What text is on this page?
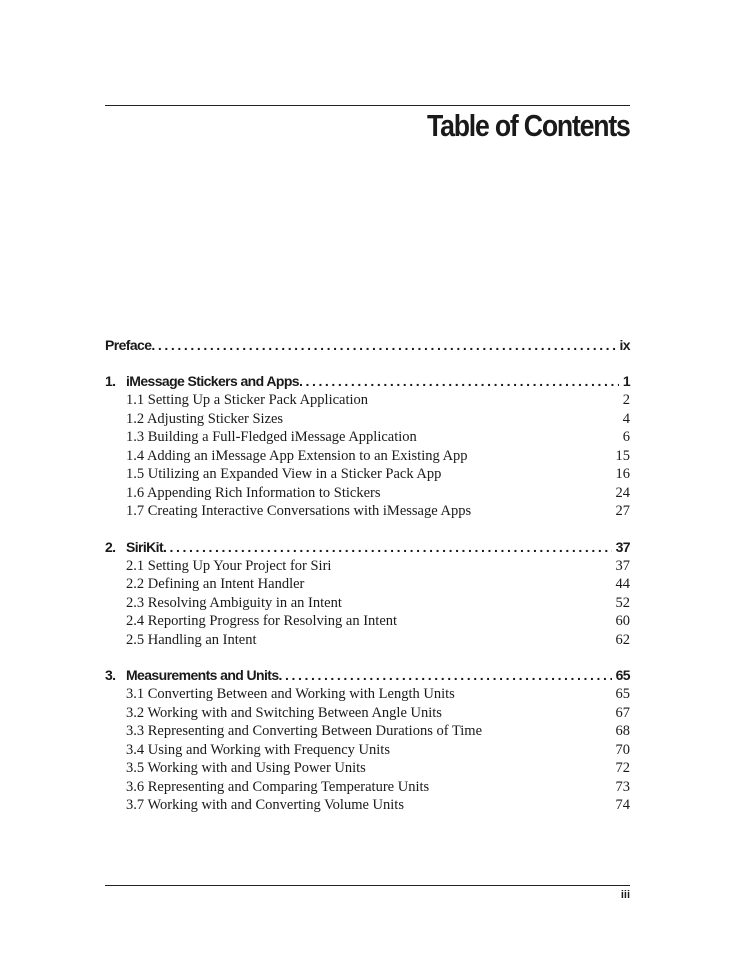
Table of Contents
Preface .....	ix
1. iMessage Stickers and Apps .....	1
1.1 Setting Up a Sticker Pack Application	2
1.2 Adjusting Sticker Sizes	4
1.3 Building a Full-Fledged iMessage Application	6
1.4 Adding an iMessage App Extension to an Existing App	15
1.5 Utilizing an Expanded View in a Sticker Pack App	16
1.6 Appending Rich Information to Stickers	24
1.7 Creating Interactive Conversations with iMessage Apps	27
2. SiriKit .....	37
2.1 Setting Up Your Project for Siri	37
2.2 Defining an Intent Handler	44
2.3 Resolving Ambiguity in an Intent	52
2.4 Reporting Progress for Resolving an Intent	60
2.5 Handling an Intent	62
3. Measurements and Units .....	65
3.1 Converting Between and Working with Length Units	65
3.2 Working with and Switching Between Angle Units	67
3.3 Representing and Converting Between Durations of Time	68
3.4 Using and Working with Frequency Units	70
3.5 Working with and Using Power Units	72
3.6 Representing and Comparing Temperature Units	73
3.7 Working with and Converting Volume Units	74
iii
